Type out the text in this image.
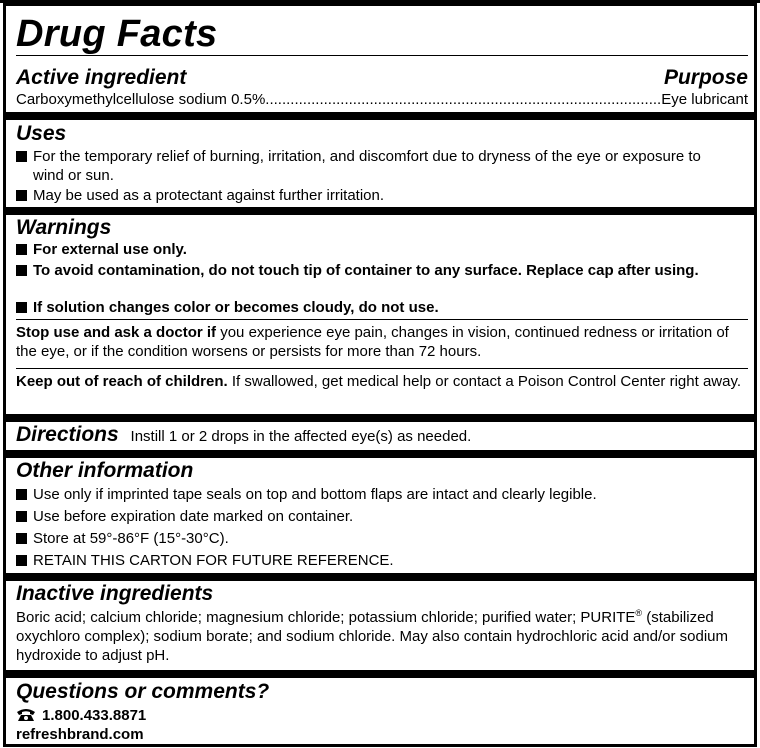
Drug Facts
Active ingredient	Purpose
Carboxymethylcellulose sodium 0.5%
.....	Eye lubricant
Uses
For the temporary relief of burning, irritation, and discomfort due to dryness of the eye or exposure to wind or sun.
May be used as a protectant against further irritation.
Warnings
For external use only.
To avoid contamination, do not touch tip of container to any surface. Replace cap after using.
If solution changes color or becomes cloudy, do not use.

Stop use and ask a doctor if you experience eye pain, changes in vision, continued redness or irritation of the eye, or if the condition worsens or persists for more than 72 hours.

Keep out of reach of children. If swallowed, get medical help or contact a Poison Control Center right away.

Directions Instill 1 or 2 drops in the affected eye(s) as needed.
Other information
Use only if imprinted tape seals on top and bottom flaps are intact and clearly legible.
Use before expiration date marked on container.
Store at 59°-86°F (15°-30°C).
RETAIN THIS CARTON FOR FUTURE REFERENCE.
Inactive ingredients

Boric acid; calcium chloride; magnesium chloride; potassium chloride; purified water; PURITE® (stabilized oxychloro complex); sodium borate; and sodium chloride. May also contain hydrochloric acid and/or sodium hydroxide to adjust pH.

Questions or comments?
1.800.433.8871
refreshbrand.com
